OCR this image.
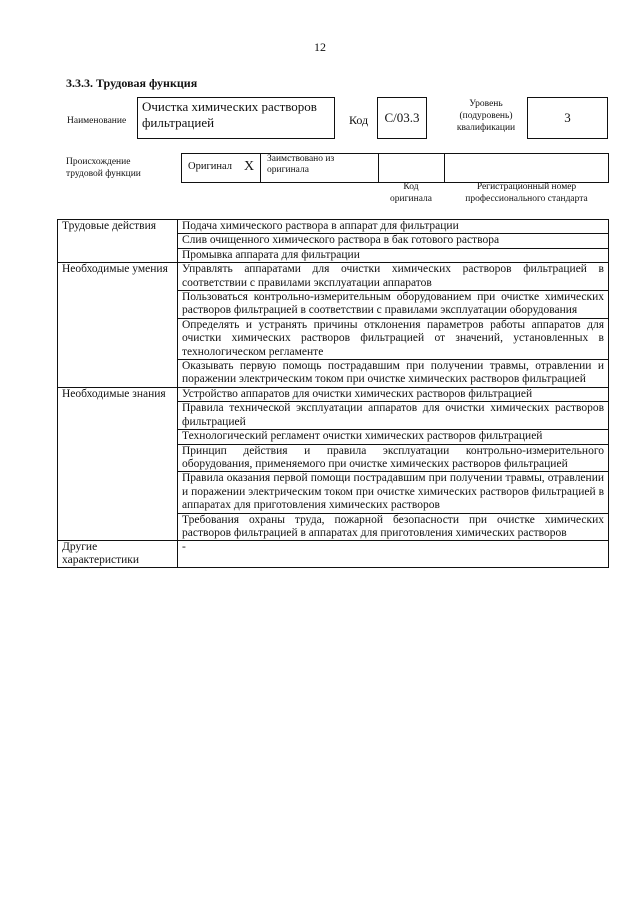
12
3.3.3. Трудовая функция
Наименование
Очистка химических растворов фильтрацией	Код	C/03.3
Уровень
(подуровень)
квалификации
3
Происхождение
трудовой функции
Оригинал X Заимствовано из
оригинала
Код
оригинала
Регистрационный номер
профессионального стандарта
Трудовые действия	Подача химического раствора в аппарат для фильтрации
	Слив очищенного химического раствора в бак готового раствора
	Промывка аппарата для фильтрации
Необходимые умения	Управлять аппаратами для очистки химических растворов фильтрацией в соответствии с правилами эксплуатации аппаратов
	Пользоваться контрольно-измерительным оборудованием при очистке химических растворов фильтрацией в соответствии с правилами эксплуатации оборудования
	Определять и устранять причины отклонения параметров работы аппаратов для очистки химических растворов фильтрацией от значений, установленных в технологическом регламенте
	Оказывать первую помощь пострадавшим при получении травмы, отравлении и поражении электрическим током при очистке химических растворов фильтрацией
Необходимые знания	Устройство аппаратов для очистки химических растворов фильтрацией
	Правила технической эксплуатации аппаратов для очистки химических растворов фильтрацией
	Технологический регламент очистки химических растворов фильтрацией
	Принцип действия и правила эксплуатации контрольно-измерительного оборудования, применяемого при очистке химических растворов фильтрацией
	Правила оказания первой помощи пострадавшим при получении травмы, отравлении и поражении электрическим током при очистке химических растворов фильтрацией в аппаратах для приготовления химических растворов
	Требования охраны труда, пожарной безопасности при очистке химических растворов фильтрацией в аппаратах для приготовления химических растворов
Другие характеристики	-
